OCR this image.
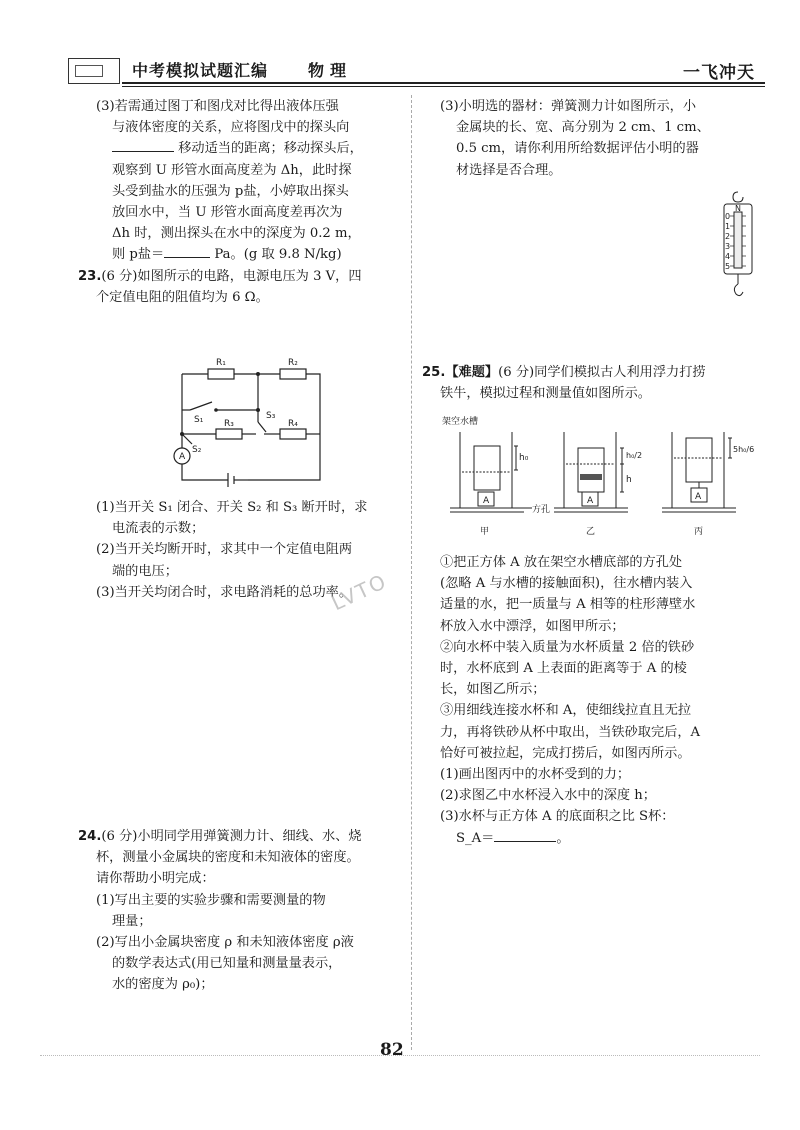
中考模拟试题汇编 物理	一飞冲天

(3)若需通过图丁和图戊对比得出液体压强

与液体密度的关系，应将图戊中的探头向

移动适当的距离；移动探头后，

观察到 U 形管水面高度差为 Δh，此时探

头受到盐水的压强为 p盐，小婷取出探头

放回水中，当 U 形管水面高度差再次为

Δh 时，测出探头在水中的深度为 0.2 m，

则 p盐＝	Pa。(g 取 9.8 N/kg)

23.(6 分)如图所示的电路，电源电压为 3 V，四

个定值电阻的阻值均为 6 Ω。

R₁	R₂
R₃	R₄
S₁
S₂
S₃
A

(1)当开关 S₁ 闭合、开关 S₂ 和 S₃ 断开时，求

电流表的示数；

(2)当开关均断开时，求其中一个定值电阻两

端的电压；

(3)当开关均闭合时，求电路消耗的总功率。

24.(6 分)小明同学用弹簧测力计、细线、水、烧

杯，测量小金属块的密度和未知液体的密度。

请你帮助小明完成：

(1)写出主要的实验步骤和需要测量的物

理量；

(2)写出小金属块密度 ρ 和未知液体密度 ρ液

的数学表达式(用已知量和测量量表示，

水的密度为 ρ₀)；

(3)小明选的器材：弹簧测力计如图所示，小

金属块的长、宽、高分别为 2 cm、1 cm、

0.5 cm，请你利用所给数据评估小明的器

材选择是否合理。

N
0
1
2
3
4
5

25.【难题】(6 分)同学们模拟古人利用浮力打捞

铁牛，模拟过程和测量值如图所示。

架空水槽
方孔
甲	乙	丙
A	A	A
h₀
h
h₀/2
5h₀/6

①把正方体 A 放在架空水槽底部的方孔处

(忽略 A 与水槽的接触面积)，往水槽内装入

适量的水，把一质量与 A 相等的柱形薄壁水

杯放入水中漂浮，如图甲所示；

②向水杯中装入质量为水杯质量 2 倍的铁砂

时，水杯底到 A 上表面的距离等于 A 的棱

长，如图乙所示；

③用细线连接水杯和 A，使细线拉直且无拉

力，再将铁砂从杯中取出，当铁砂取完后，A

恰好可被拉起，完成打捞后，如图丙所示。

(1)画出图丙中的水杯受到的力；

(2)求图乙中水杯浸入水中的深度 h；

(3)水杯与正方体 A 的底面积之比 S杯：

S_A＝	。

LVTO
82
